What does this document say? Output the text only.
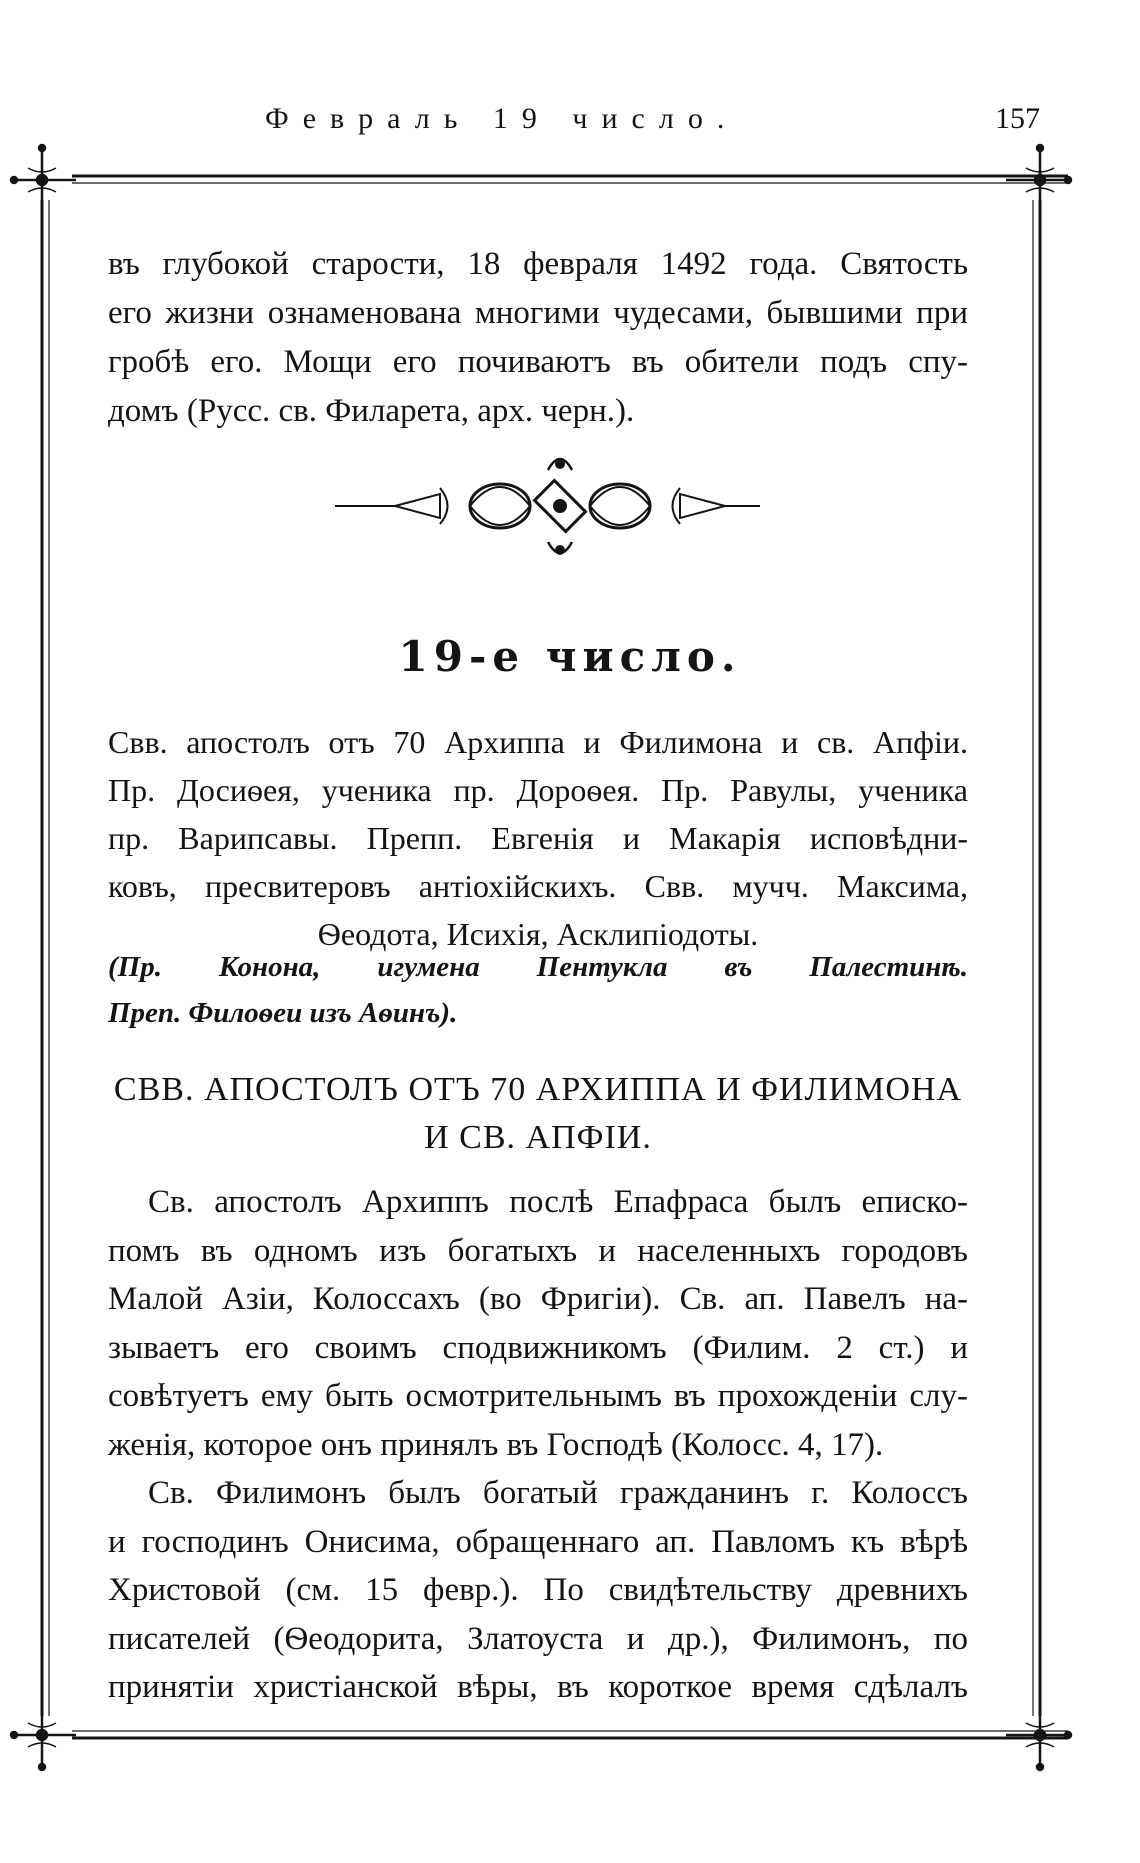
Февраль 19 число.	157

въ глубокой старости, 18 февраля 1492 года. Святость

его жизни ознаменована многими чудесами, бывшими при

гробѣ его. Мощи его почиваютъ въ обители подъ спу-

домъ (Русс. св. Филарета, арх. черн.).

19-е число.

Свв. апостолъ отъ 70 Архиппа и Филимона и св. Апфіи.

Пр. Досиѳея, ученика пр. Дороѳея. Пр. Равулы, ученика

пр. Варипсавы. Препп. Евгенія и Макарія исповѣдни-

ковъ, пресвитеровъ антіохійскихъ. Свв. мучч. Максима,

Ѳеодота, Исихія, Асклипіодоты.

(Пр. Конона, игумена Пентукла въ Палестинѣ.

Преп. Филоѳеи изъ Аѳинъ).

СВВ. АПОСТОЛЪ ОТЪ 70 АРХИППА И ФИЛИМОНА
И СВ. АПФІИ.

Св. апостолъ Архиппъ послѣ Епафраса былъ еписко-

помъ въ одномъ изъ богатыхъ и населенныхъ городовъ

Малой Азіи, Колоссахъ (во Фригіи). Св. ап. Павелъ на-

зываетъ его своимъ сподвижникомъ (Филим. 2 ст.) и

совѣтуетъ ему быть осмотрительнымъ въ прохожденіи слу-

женія, которое онъ принялъ въ Господѣ (Колосс. 4, 17).

Св. Филимонъ былъ богатый гражданинъ г. Колоссъ

и господинъ Онисима, обращеннаго ап. Павломъ къ вѣрѣ

Христовой (см. 15 февр.). По свидѣтельству древнихъ

писателей (Ѳеодорита, Златоуста и др.), Филимонъ, по

принятіи христіанской вѣры, въ короткое время сдѣлалъ
